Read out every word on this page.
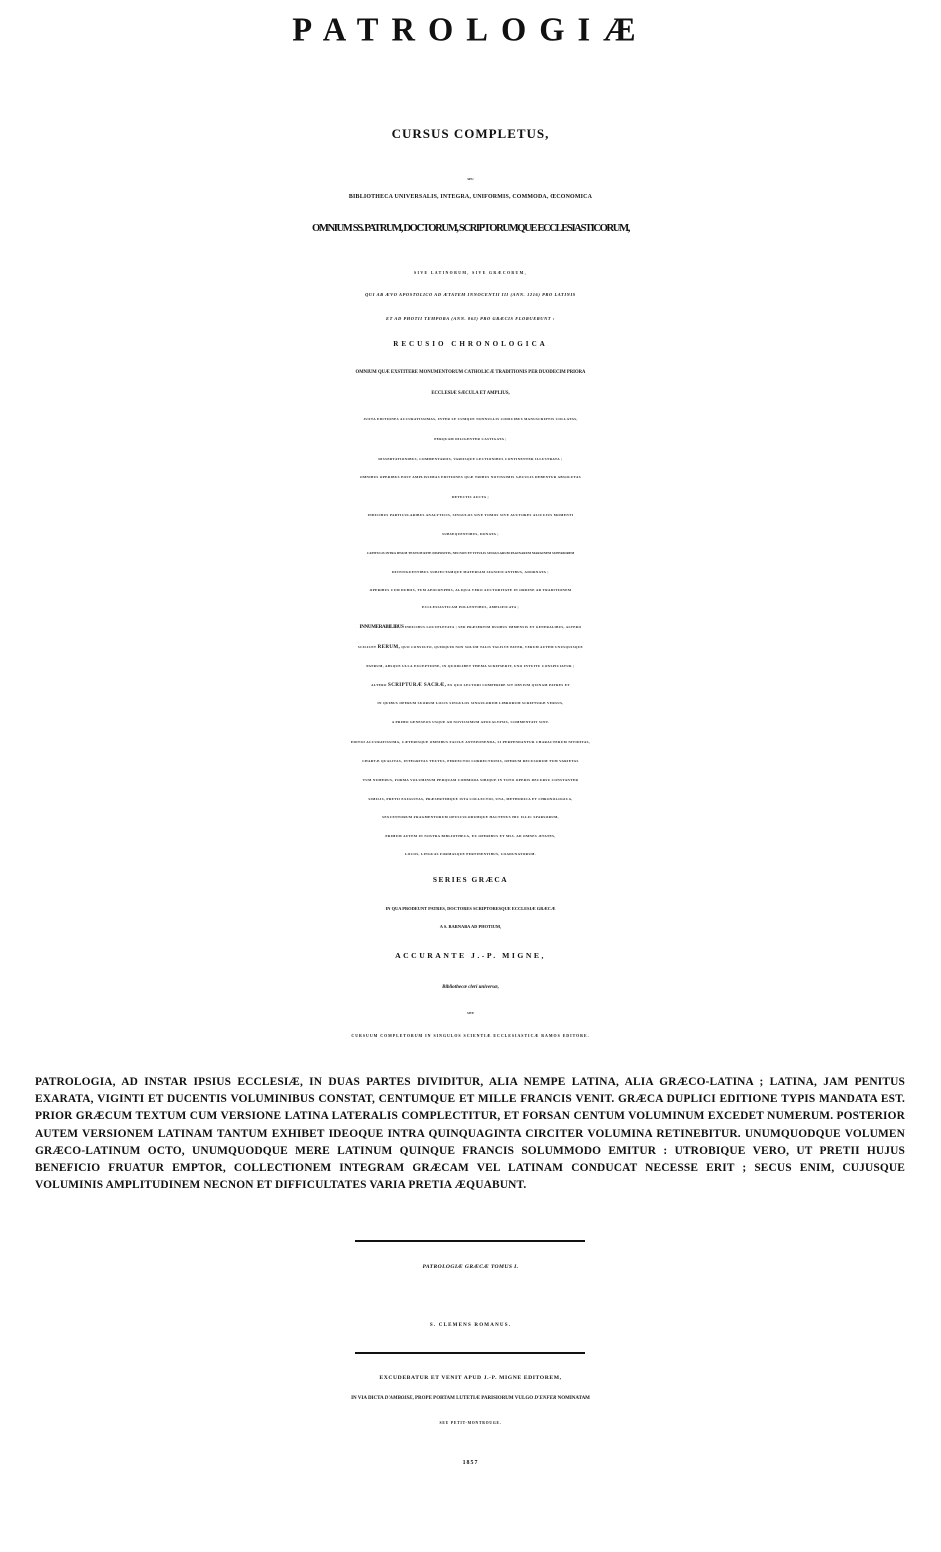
PATROLOGIÆ
CURSUS COMPLETUS,
SEU
BIBLIOTHECA UNIVERSALIS, INTEGRA, UNIFORMIS, COMMODA, ŒCONOMICA
OMNIUM SS. PATRUM, DOCTORUM, SCRIPTORUMQUE ECCLESIASTICORUM,
SIVE LATINORUM, SIVE GRÆCORUM,
QUI AB ÆVO APOSTOLICO AD ÆTATEM INNOCENTII III (ANN. 1216) PRO LATINIS
ET AD PHOTII TEMPORA (ANN. 863) PRO GRÆCIS FLORUERUNT :
RECUSIO CHRONOLOGICA
OMNIUM QUÆ EXSTITERE MONUMENTORUM CATHOLICÆ TRADITIONIS PER DUODECIM PRIORA
ECCLESIÆ SÆCULA ET AMPLIUS,
JUXTA EDITIONES ACCURATISSIMAS, INTER SE CUMQUE NONNULLIS CODICIBUS MANUSCRIPTIS COLLATAS,
PERQUAM DILIGENTER CASTIGATA ;
DISSERTATIONIBUS, COMMENTARIIS, VARIISQUE LECTIONIBUS CONTINENTER ILLUSTRATA ;
OMNIBUS OPERIBUS POST AMPLISSIMAS EDITIONES QUÆ TRIBUS NOVISSIMIS SÆCULIS DEBENTUR ABSOLUTAS
DETECTIS AUCTA ;
INDICIBUS PARTICULARIBUS ANALYTICIS, SINGULOS SIVE TOMOS SIVE AUCTORES ALICUJUS MOMENTI
SUBSEQUENTIBUS, DONATA ;
CAPITULIS INTRA IPSUM TEXTUM RITE DISPOSITIS, NECNON ET TITULIS SINGULARUM PAGINARUM MARGINEM SUPERIOREM
DISTINGUENTIBUS SUBJECTAMQUE MATERIAM SIGNIFICANTIBUS, ADORNATA ;
OPERIBUS CUM DUBIIS, TUM APOCRYPHIS, ALIQUA VERO AUCTORITATE IN ORDINE AD TRADITIONEM
ECCLESIASTICAM POLLENTIBUS, AMPLIFICATA ;
INNUMERABILIBUS INDICIBUS LOCUPLETATA ; SED PRÆSERTIM DUOBUS IMMENSIS ET GENERALIBUS, ALTERO
SCILICET RERUM, QUO CONSULTO, QUIDQUID NON SOLUM TALIS TALISVE PATER, VERUM AUTEM UNUSQUISQUE
PATRUM, ABSQUE ULLA EXCEPTIONE, IN QUODLIBET THEMA SCRIPSERIT, UNO INTUITU CONSPICIATUR ;
ALTERO SCRIPTURÆ SACRÆ, EX QUO LECTORI COMPERIRE SIT OBVIUM QUINAM PATRES ET
IN QUIBUS OPERUM SUORUM LOCIS SINGULOS SINGULORUM LIBRORUM SCRIPTURÆ VERSUS,
A PRIMO GENESEOS USQUE AD NOVISSIMUM APOCALYPSIS, COMMENTATI SINT.
EDITIO ACCURATISSIMA, CÆTERISQUE OMNIBUS FACILE ANTEPONENDA, SI PERPENDANTUR CHARACTERUM NITIDITAS,
CHARTÆ QUALITAS, INTEGRITAS TEXTUS, PERFECTIO CORRECTIONIS, OPERUM RECUSORUM TUM VARIETAS
TUM NUMERUS, FORMA VOLUMINUM PERQUAM COMMODA SIBIQUE IN TOTO OPERIS DECURSU CONSTANTER
SIMILIS, PRETII EXIGUITAS, PRÆSERTIMQUE ISTA COLLECTIO, UNA, METHODICA ET CHRONOLOGICA,
SEXCENTORUM FRAGMENTORUM OPUSCULORUMQUE HACTENUS HIC ILLIC SPARSORUM,
PRIMUM AUTEM IN NOSTRA BIBLIOTHECA, EX OPERIBUS ET MSS. AD OMNES ÆTATES,
LOCOS, LINGUAS FORMASQUE PERTINENTIBUS, COADUNATORUM.
SERIES GRÆCA
IN QUA PRODEUNT PATRES, DOCTORES SCRIPTORESQUE ECCLESIÆ GRÆCÆ
A S. BARNABA AD PHOTIUM,
ACCURANTE J.-P. MIGNE,
Bibliothecæ cleri universæ,
SIVE
CURSUUM COMPLETORUM IN SINGULOS SCIENTIÆ ECCLESIASTICÆ RAMOS EDITORE.
PATROLOGIA, AD INSTAR IPSIUS ECCLESIÆ, IN DUAS PARTES DIVIDITUR, ALIA NEMPE LATINA, ALIA GRÆCO-LATINA ; LATINA, JAM PENITUS EXARATA, VIGINTI ET DUCENTIS VOLUMINIBUS CONSTAT, CENTUMQUE ET MILLE FRANCIS VENIT. GRÆCA DUPLICI EDITIONE TYPIS MANDATA EST. PRIOR GRÆCUM TEXTUM CUM VERSIONE LATINA LATERALIS COMPLECTITUR, ET FORSAN CENTUM VOLUMINUM EXCEDET NUMERUM. POSTERIOR AUTEM VERSIONEM LATINAM TANTUM EXHIBET IDEOQUE INTRA QUINQUAGINTA CIRCITER VOLUMINA RETINEBITUR. UNUMQUODQUE VOLUMEN GRÆCO-LATINUM OCTO, UNUMQUODQUE MERE LATINUM QUINQUE FRANCIS SOLUMMODO EMITUR : UTROBIQUE VERO, UT PRETII HUJUS BENEFICIO FRUATUR EMPTOR, COLLECTIONEM INTEGRAM GRÆCAM VEL LATINAM CONDUCAT NECESSE ERIT ; SECUS ENIM, CUJUSQUE VOLUMINIS AMPLITUDINEM NECNON ET DIFFICULTATES VARIA PRETIA ÆQUABUNT.
PATROLOGIÆ GRÆCÆ TOMUS I.
S. CLEMENS ROMANUS.
EXCUDEBATUR ET VENIT APUD J.-P. MIGNE EDITOREM,
IN VIA DICTA D'AMBOISE, PROPE PORTAM LUTETIÆ PARISIORUM VULGO D'ENFER NOMINATAM
SEU PETIT-MONTROUGE.
1857
